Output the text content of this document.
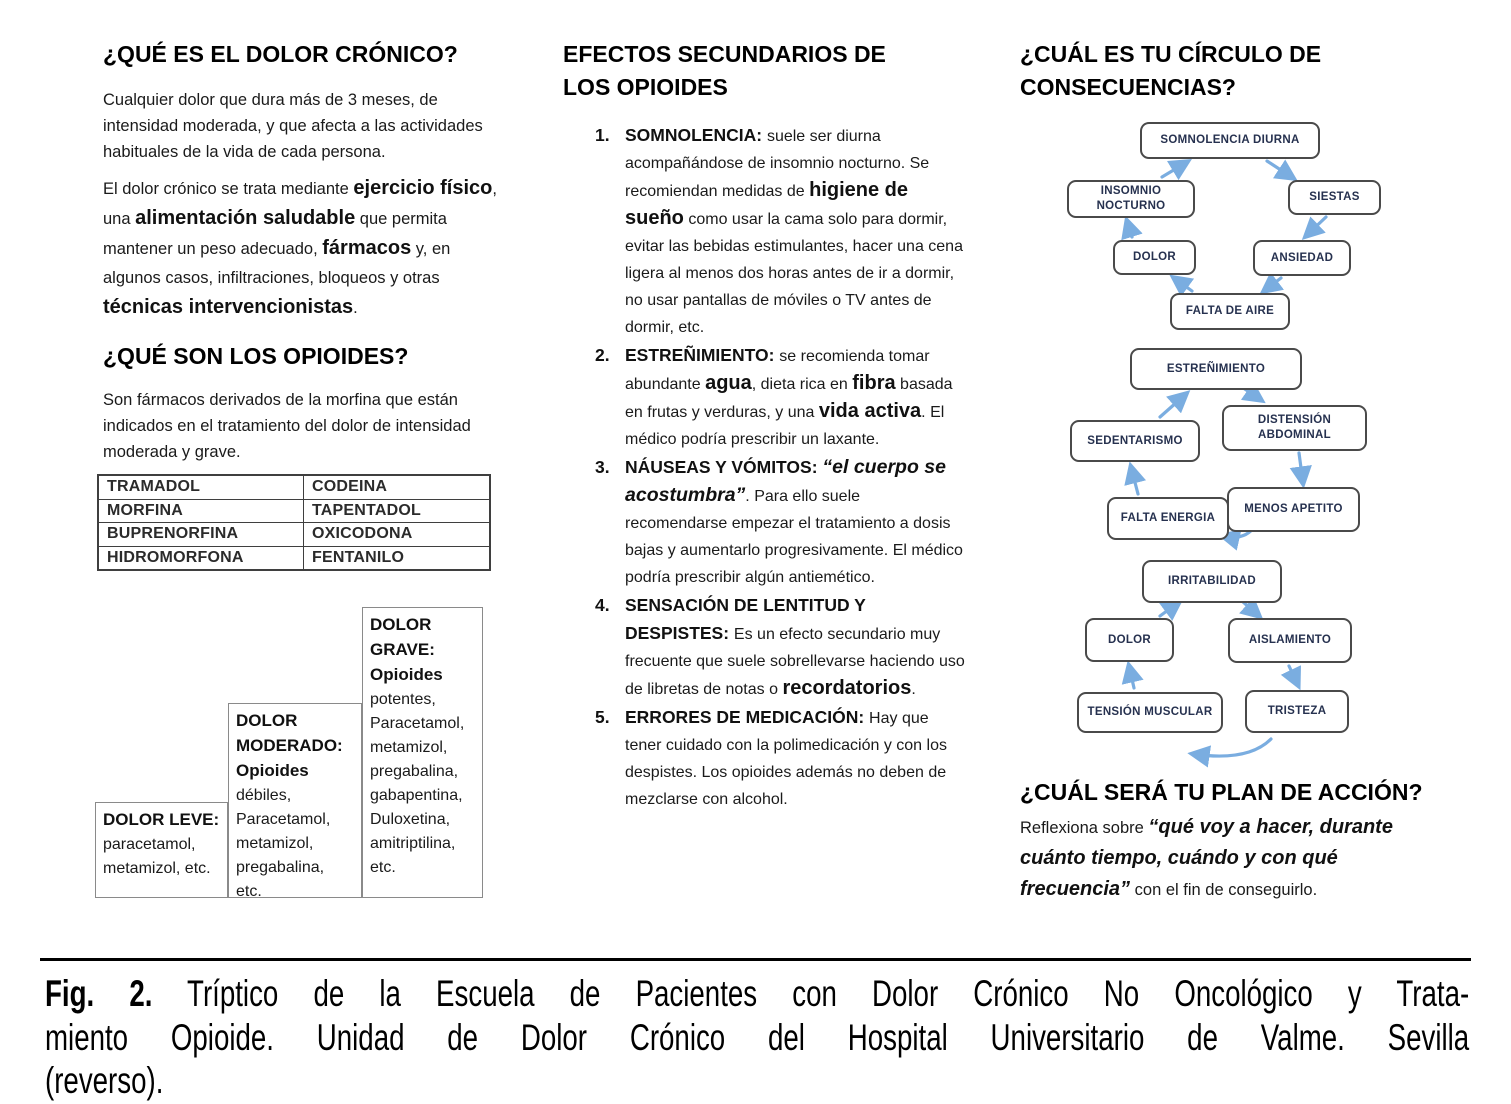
¿QUÉ ES EL DOLOR CRÓNICO?
Cualquier dolor que dura más de 3 meses, de intensidad moderada, y que afecta a las actividades habituales de la vida de cada persona.
El dolor crónico se trata mediante ejercicio físico, una alimentación saludable que permita mantener un peso adecuado, fármacos y, en algunos casos, infiltraciones, bloqueos y otras técnicas intervencionistas.
¿QUÉ SON LOS OPIOIDES?
Son fármacos derivados de la morfina que están indicados en el tratamiento del dolor de intensidad moderada y grave.
TRAMADOL	CODEINA
MORFINA	TAPENTADOL
BUPRENORFINA	OXICODONA
HIDROMORFONA	FENTANILO
DOLOR LEVE: paracetamol, metamizol, etc.
DOLOR MODERADO: Opioides débiles, Paracetamol, metamizol, pregabalina, etc.
DOLOR GRAVE: Opioides potentes, Paracetamol, metamizol, pregabalina, gabapentina, Duloxetina, amitriptilina, etc.
EFECTOS SECUNDARIOS DE LOS OPIOIDES
1. SOMNOLENCIA: suele ser diurna acompañándose de insomnio nocturno. Se recomiendan medidas de higiene de sueño como usar la cama solo para dormir, evitar las bebidas estimulantes, hacer una cena ligera al menos dos horas antes de ir a dormir, no usar pantallas de móviles o TV antes de dormir, etc.
2. ESTREÑIMIENTO: se recomienda tomar abundante agua, dieta rica en fibra basada en frutas y verduras, y una vida activa. El médico podría prescribir un laxante.
3. NÁUSEAS Y VÓMITOS: “el cuerpo se acostumbra”. Para ello suele recomendarse empezar el tratamiento a dosis bajas y aumentarlo progresivamente. El médico podría prescribir algún antiemético.
4. SENSACIÓN DE LENTITUD Y DESPISTES: Es un efecto secundario muy frecuente que suele sobrellevarse haciendo uso de libretas de notas o recordatorios.
5. ERRORES DE MEDICACIÓN: Hay que tener cuidado con la polimedicación y con los despistes. Los opioides además no deben de mezclarse con alcohol.
¿CUÁL ES TU CÍRCULO DE CONSECUENCIAS?
SOMNOLENCIA DIURNA
INSOMNIO NOCTURNO
SIESTAS
DOLOR	ANSIEDAD
FALTA DE AIRE
ESTREÑIMIENTO
SEDENTARISMO
DISTENSIÓN ABDOMINAL
FALTA ENERGIA
MENOS APETITO
IRRITABILIDAD
DOLOR	AISLAMIENTO
TENSIÓN MUSCULAR	TRISTEZA
¿CUÁL SERÁ TU PLAN DE ACCIÓN?
Reflexiona sobre “qué voy a hacer, durante cuánto tiempo, cuándo y con qué frecuencia” con el fin de conseguirlo.
Fig. 2. Tríptico de la Escuela de Pacientes con Dolor Crónico No Oncológico y Trata-
miento Opioide. Unidad de Dolor Crónico del Hospital Universitario de Valme. Sevilla
(reverso).
